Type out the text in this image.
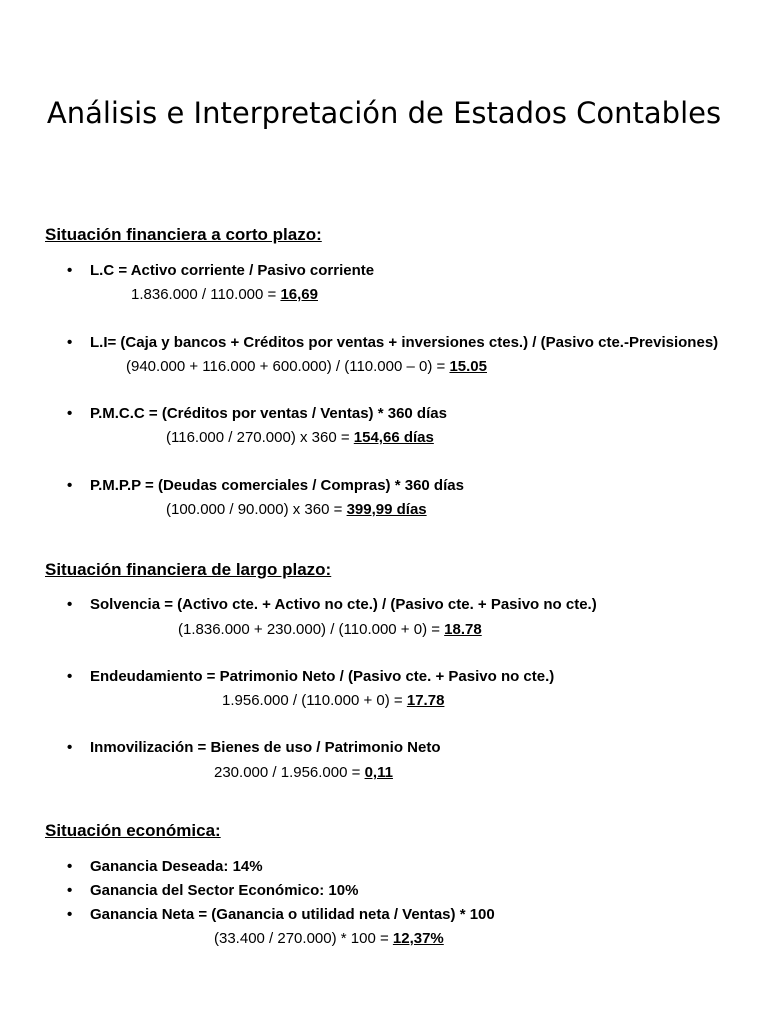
Análisis e Interpretación de Estados Contables
Situación financiera a corto plazo:
• L.C = Activo corriente / Pasivo corriente
1.836.000 / 110.000 = 16,69
• L.I= (Caja y bancos + Créditos por ventas + inversiones ctes.) / (Pasivo cte.-Previsiones)
(940.000 + 116.000 + 600.000) / (110.000 – 0) = 15.05
• P.M.C.C = (Créditos por ventas / Ventas) * 360 días
(116.000 / 270.000) x 360 = 154,66 días
• P.M.P.P = (Deudas comerciales / Compras) * 360 días
(100.000 / 90.000) x 360 = 399,99 días
Situación financiera de largo plazo:
• Solvencia = (Activo cte. + Activo no cte.) / (Pasivo cte. + Pasivo no cte.)
(1.836.000 + 230.000) / (110.000 + 0) = 18.78
• Endeudamiento = Patrimonio Neto / (Pasivo cte. + Pasivo no cte.)
1.956.000 / (110.000 + 0) = 17.78
• Inmovilización = Bienes de uso / Patrimonio Neto
230.000 / 1.956.000 = 0,11
Situación económica:
• Ganancia Deseada: 14%
• Ganancia del Sector Económico: 10%
• Ganancia Neta = (Ganancia o utilidad neta / Ventas) * 100
(33.400 / 270.000) * 100 = 12,37%
